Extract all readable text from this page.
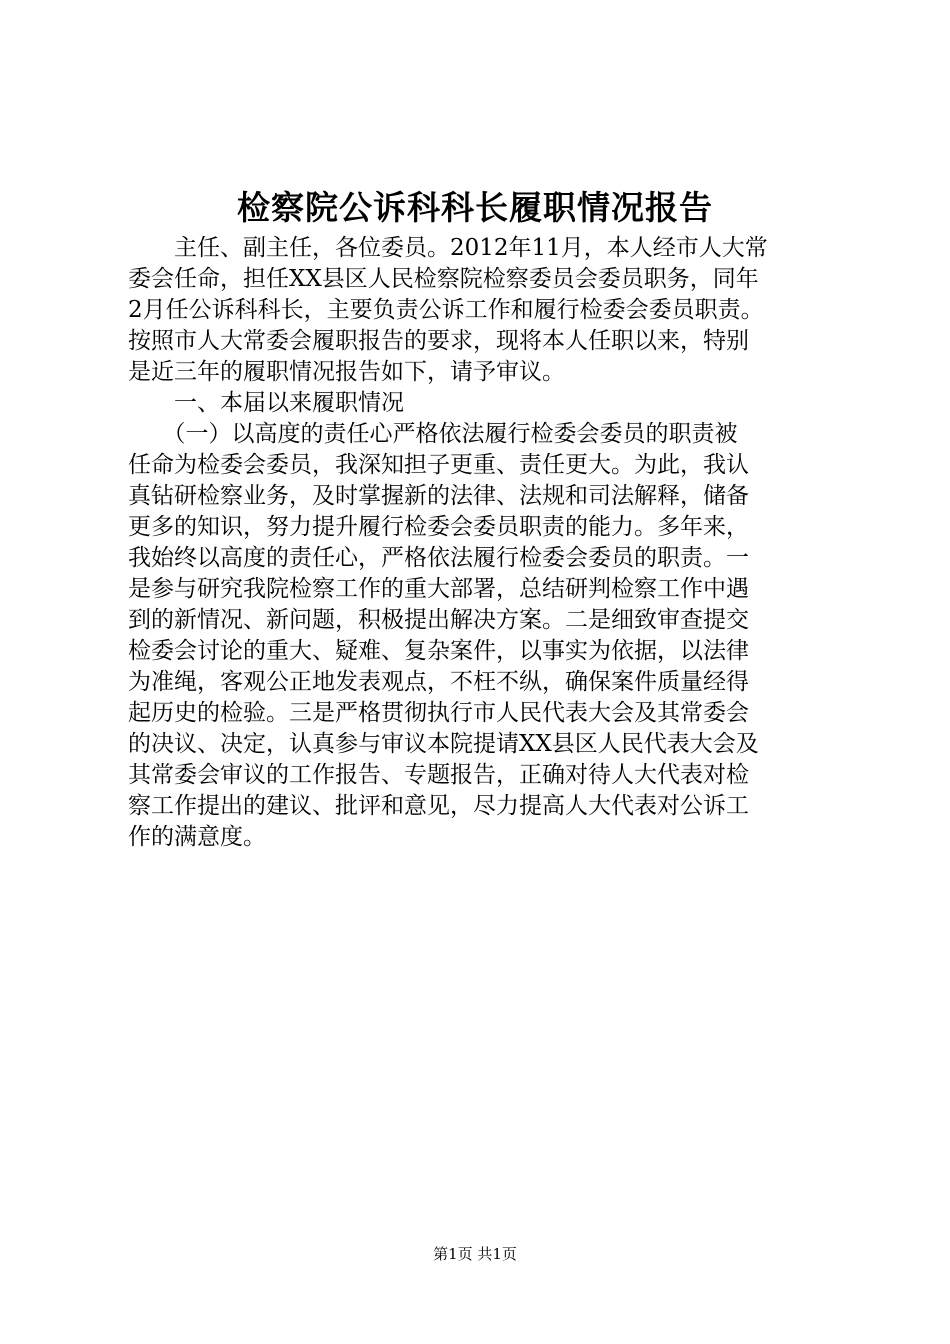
检察院公诉科科长履职情况报告
　　主任、副主任，各位委员。2012年11月，本人经市人大常
委会任命，担任XX县区人民检察院检察委员会委员职务，同年
2月任公诉科科长，主要负责公诉工作和履行检委会委员职责。
按照市人大常委会履职报告的要求，现将本人任职以来，特别
是近三年的履职情况报告如下，请予审议。
　　一、本届以来履职情况
　　（一）以高度的责任心严格依法履行检委会委员的职责被
任命为检委会委员，我深知担子更重、责任更大。为此，我认
真钻研检察业务，及时掌握新的法律、法规和司法解释，储备
更多的知识，努力提升履行检委会委员职责的能力。多年来，
我始终以高度的责任心，严格依法履行检委会委员的职责。一
是参与研究我院检察工作的重大部署，总结研判检察工作中遇
到的新情况、新问题，积极提出解决方案。二是细致审查提交
检委会讨论的重大、疑难、复杂案件，以事实为依据，以法律
为准绳，客观公正地发表观点，不枉不纵，确保案件质量经得
起历史的检验。三是严格贯彻执行市人民代表大会及其常委会
的决议、决定，认真参与审议本院提请XX县区人民代表大会及
其常委会审议的工作报告、专题报告，正确对待人大代表对检
察工作提出的建议、批评和意见，尽力提高人大代表对公诉工
作的满意度。
第1页 共1页
